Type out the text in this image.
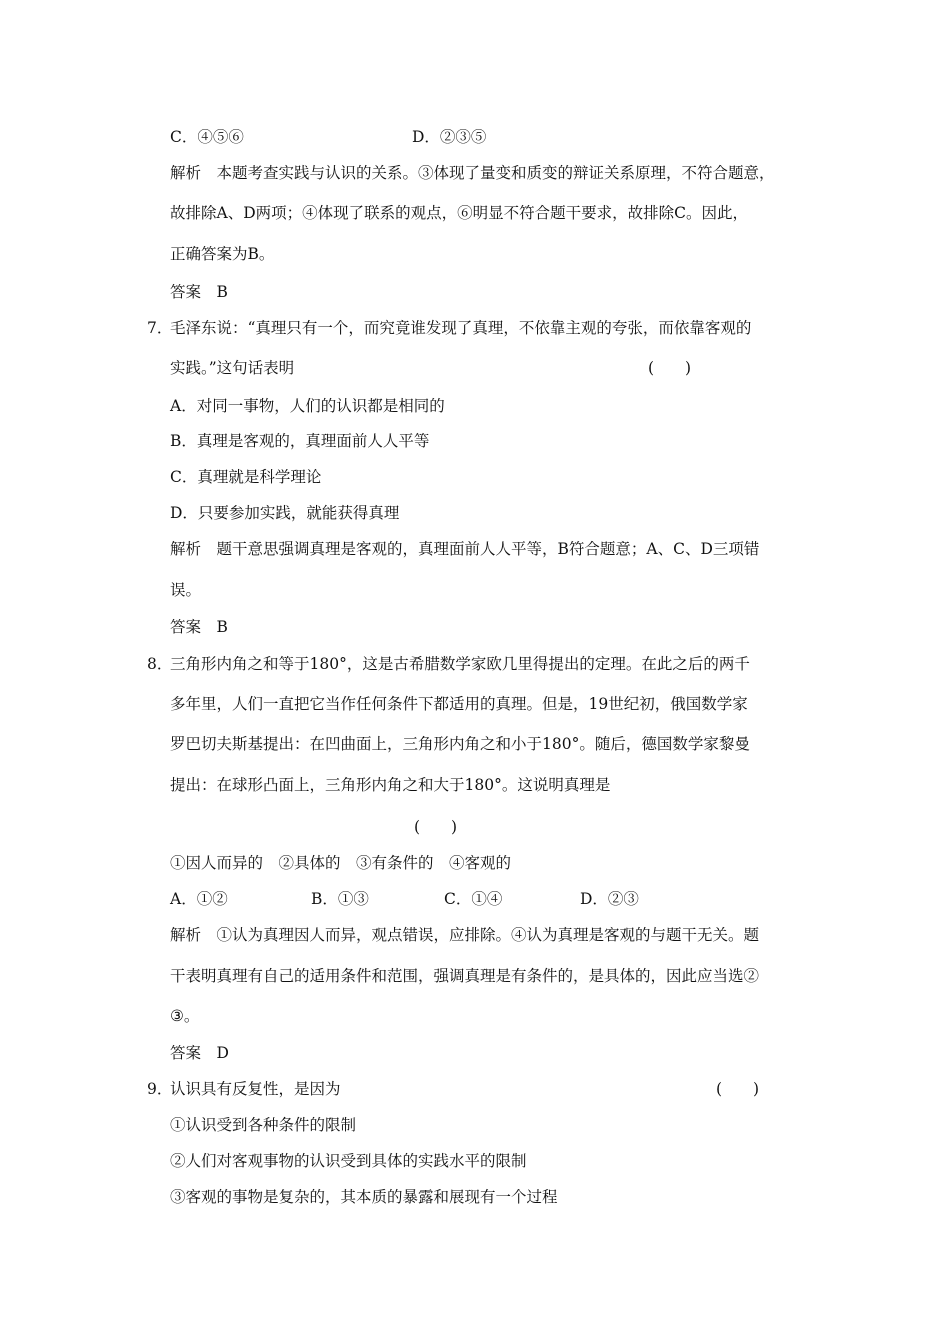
C．④⑤⑥	D．②③⑤
解析　本题考查实践与认识的关系。③体现了量变和质变的辩证关系原理，不符合题意，
故排除A、D两项；④体现了联系的观点，⑥明显不符合题干要求，故排除C。因此，
正确答案为B。
答案　B
7．
毛泽东说：“真理只有一个，而究竟谁发现了真理，不依靠主观的夸张，而依靠客观的
实践。”这句话表明	(　　)
A．对同一事物，人们的认识都是相同的
B．真理是客观的，真理面前人人平等
C．真理就是科学理论
D．只要参加实践，就能获得真理
解析　题干意思强调真理是客观的，真理面前人人平等，B符合题意；A、C、D三项错
误。
答案　B
8．
三角形内角之和等于180°，这是古希腊数学家欧几里得提出的定理。在此之后的两千
多年里，人们一直把它当作任何条件下都适用的真理。但是，19世纪初，俄国数学家
罗巴切夫斯基提出：在凹曲面上，三角形内角之和小于180°。随后，德国数学家黎曼
提出：在球形凸面上，三角形内角之和大于180°。这说明真理是
(　　)
①因人而异的　②具体的　③有条件的　④客观的
A．①②	B．①③	C．①④	D．②③
解析　①认为真理因人而异，观点错误，应排除。④认为真理是客观的与题干无关。题
干表明真理有自己的适用条件和范围，强调真理是有条件的，是具体的，因此应当选②
③。
答案　D
9．
认识具有反复性，是因为	(　　)
①认识受到各种条件的限制
②人们对客观事物的认识受到具体的实践水平的限制
③客观的事物是复杂的，其本质的暴露和展现有一个过程
